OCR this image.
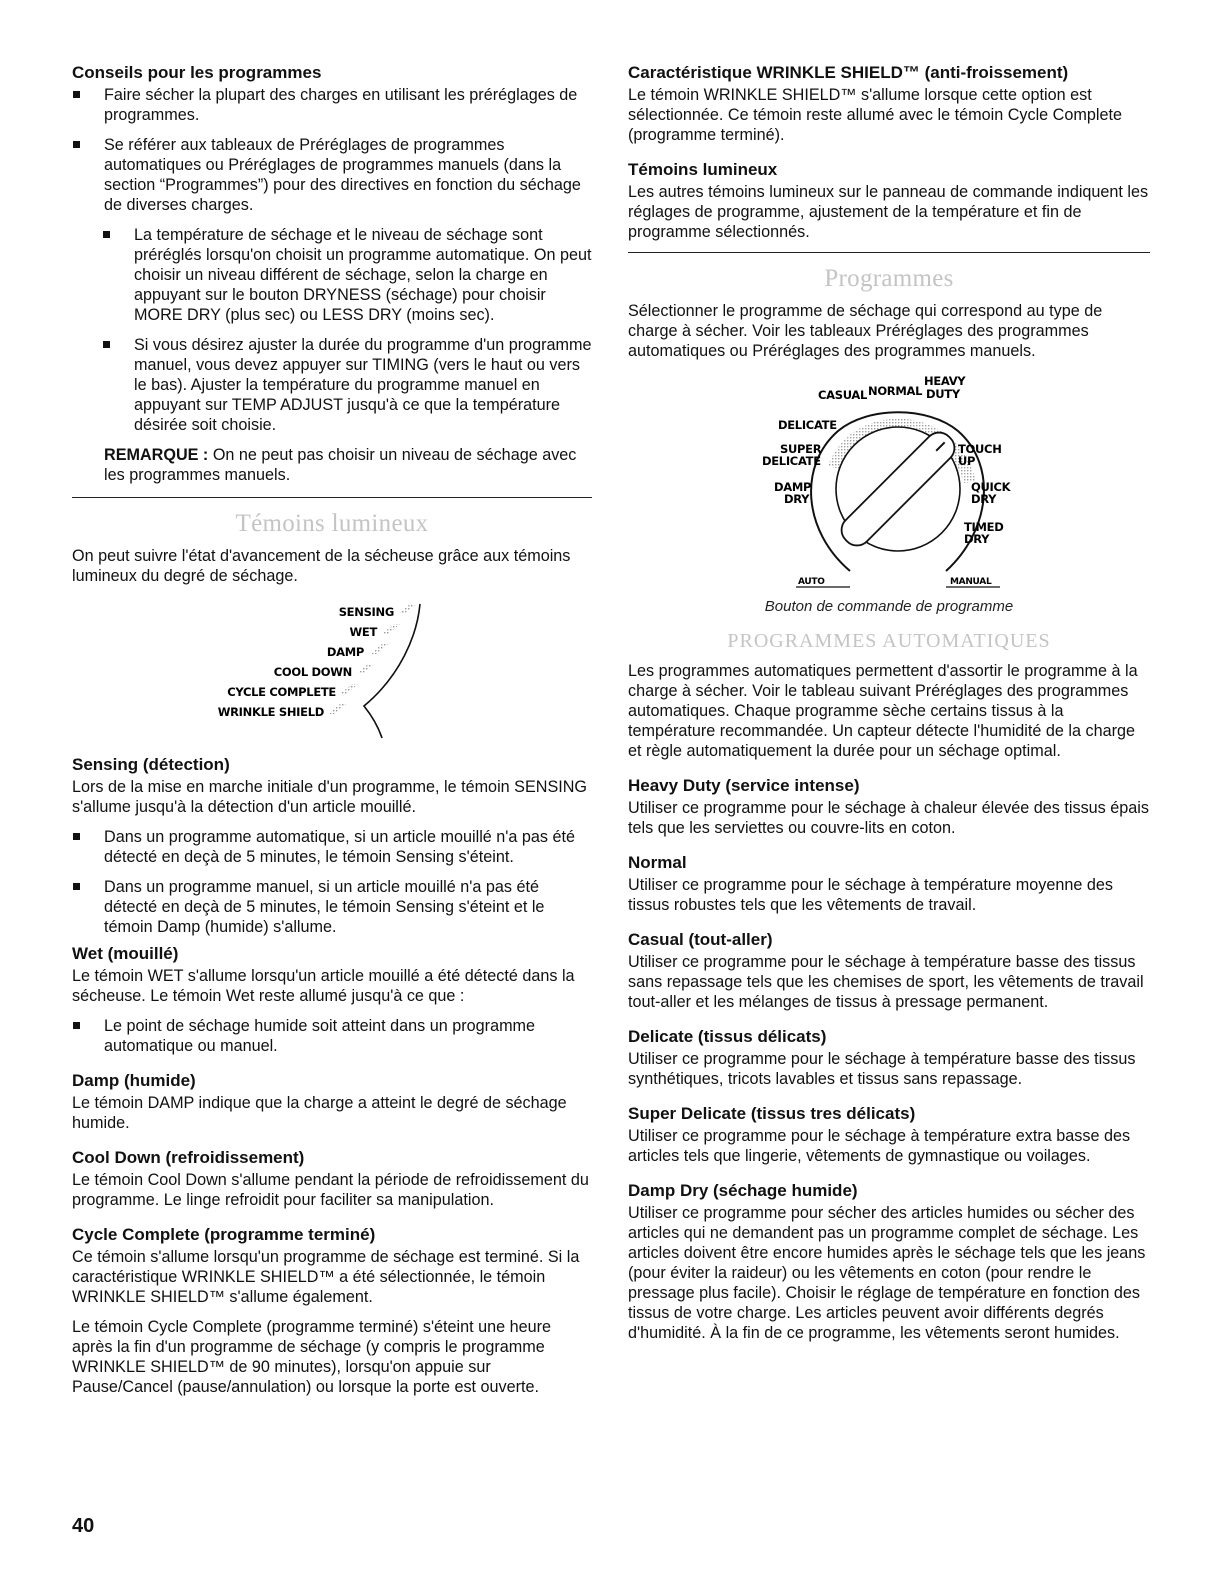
Conseils pour les programmes
Faire sécher la plupart des charges en utilisant les préréglages de programmes.
Se référer aux tableaux de Préréglages de programmes automatiques ou Préréglages de programmes manuels (dans la section “Programmes”) pour des directives en fonction du séchage de diverses charges.
La température de séchage et le niveau de séchage sont préréglés lorsqu'on choisit un programme automatique. On peut choisir un niveau différent de séchage, selon la charge en appuyant sur le bouton DRYNESS (séchage) pour choisir MORE DRY (plus sec) ou LESS DRY (moins sec).
Si vous désirez ajuster la durée du programme d'un programme manuel, vous devez appuyer sur TIMING (vers le haut ou vers le bas). Ajuster la température du programme manuel en appuyant sur TEMP ADJUST jusqu'à ce que la température désirée soit choisie.

REMARQUE : On ne peut pas choisir un niveau de séchage avec les programmes manuels.

Témoins lumineux

On peut suivre l'état d'avancement de la sécheuse grâce aux témoins lumineux du degré de séchage.

SENSING
WET
DAMP
COOL DOWN
CYCLE COMPLETE
WRINKLE SHIELD
Sensing (détection)

Lors de la mise en marche initiale d'un programme, le témoin SENSING s'allume jusqu'à la détection d'un article mouillé.

Dans un programme automatique, si un article mouillé n'a pas été détecté en deçà de 5 minutes, le témoin Sensing s'éteint.
Dans un programme manuel, si un article mouillé n'a pas été détecté en deçà de 5 minutes, le témoin Sensing s'éteint et le témoin Damp (humide) s'allume.
Wet (mouillé)

Le témoin WET s'allume lorsqu'un article mouillé a été détecté dans la sécheuse. Le témoin Wet reste allumé jusqu'à ce que :

Le point de séchage humide soit atteint dans un programme automatique ou manuel.
Damp (humide)

Le témoin DAMP indique que la charge a atteint le degré de séchage humide.

Cool Down (refroidissement)

Le témoin Cool Down s'allume pendant la période de refroidissement du programme. Le linge refroidit pour faciliter sa manipulation.

Cycle Complete (programme terminé)

Ce témoin s'allume lorsqu'un programme de séchage est terminé. Si la caractéristique WRINKLE SHIELD™ a été sélectionnée, le témoin WRINKLE SHIELD™ s'allume également.

Le témoin Cycle Complete (programme terminé) s'éteint une heure après la fin d'un programme de séchage (y compris le programme WRINKLE SHIELD™ de 90 minutes), lorsqu'on appuie sur Pause/Cancel (pause/annulation) ou lorsque la porte est ouverte.

Caractéristique WRINKLE SHIELD™ (anti-froissement)

Le témoin WRINKLE SHIELD™ s'allume lorsque cette option est sélectionnée. Ce témoin reste allumé avec le témoin Cycle Complete (programme terminé).

Témoins lumineux

Les autres témoins lumineux sur le panneau de commande indiquent les réglages de programme, ajustement de la température et fin de programme sélectionnés.

Programmes

Sélectionner le programme de séchage qui correspond au type de charge à sécher. Voir les tableaux Préréglages des programmes automatiques ou Préréglages des programmes manuels.

CASUAL NORMAL
HEAVY
DUTY
DELICATE
SUPER
DELICATE
DAMP
DRY
TOUCH
UP
QUICK
DRY
TIMED
DRY
AUTO	MANUAL
Bouton de commande de programme
PROGRAMMES AUTOMATIQUES

Les programmes automatiques permettent d'assortir le programme à la charge à sécher. Voir le tableau suivant Préréglages des programmes automatiques. Chaque programme sèche certains tissus à la température recommandée. Un capteur détecte l'humidité de la charge et règle automatiquement la durée pour un séchage optimal.

Heavy Duty (service intense)

Utiliser ce programme pour le séchage à chaleur élevée des tissus épais tels que les serviettes ou couvre-lits en coton.

Normal

Utiliser ce programme pour le séchage à température moyenne des tissus robustes tels que les vêtements de travail.

Casual (tout-aller)

Utiliser ce programme pour le séchage à température basse des tissus sans repassage tels que les chemises de sport, les vêtements de travail tout-aller et les mélanges de tissus à pressage permanent.

Delicate (tissus délicats)

Utiliser ce programme pour le séchage à température basse des tissus synthétiques, tricots lavables et tissus sans repassage.

Super Delicate (tissus tres délicats)

Utiliser ce programme pour le séchage à température extra basse des articles tels que lingerie, vêtements de gymnastique ou voilages.

Damp Dry (séchage humide)

Utiliser ce programme pour sécher des articles humides ou sécher des articles qui ne demandent pas un programme complet de séchage. Les articles doivent être encore humides après le séchage tels que les jeans (pour éviter la raideur) ou les vêtements en coton (pour rendre le pressage plus facile). Choisir le réglage de température en fonction des tissus de votre charge. Les articles peuvent avoir différents degrés d'humidité. À la fin de ce programme, les vêtements seront humides.

40
